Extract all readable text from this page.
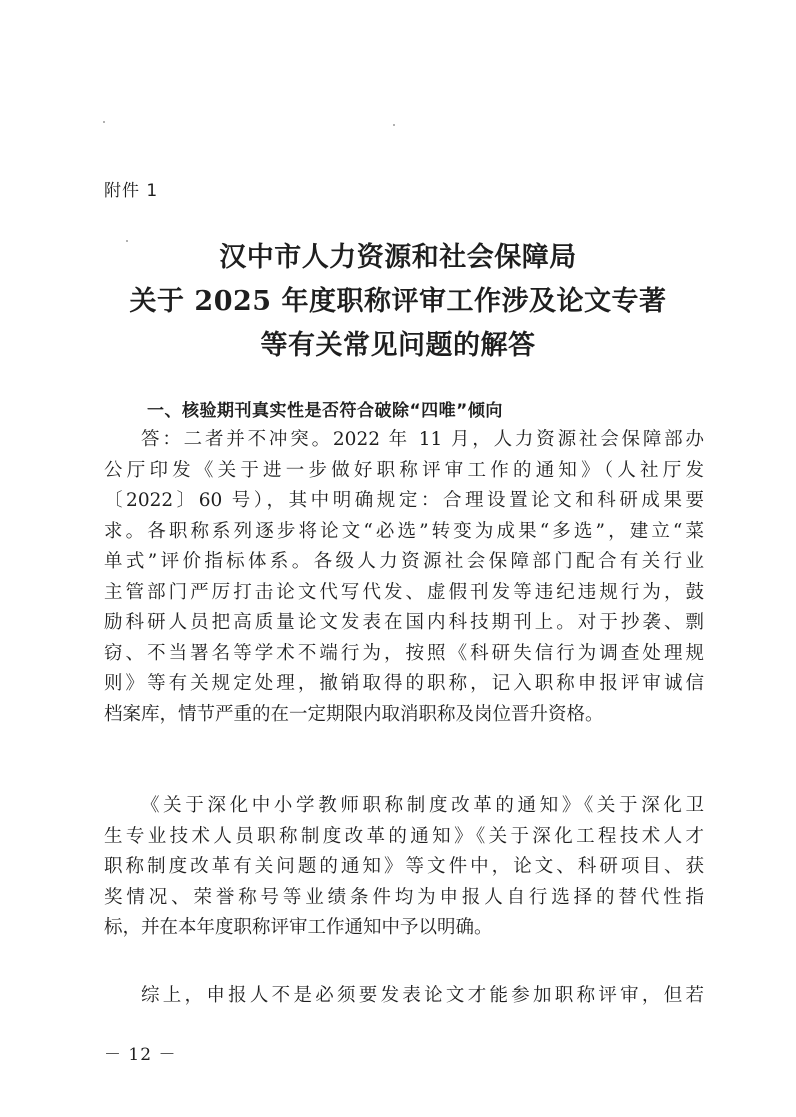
附件 1
汉中市人力资源和社会保障局
关于 2025 年度职称评审工作涉及论文专著
等有关常见问题的解答
一、核验期刊真实性是否符合破除“四唯”倾向
答：二者并不冲突。2022 年 11 月，人力资源社会保障部办
公厅印发《关于进一步做好职称评审工作的通知》（人社厅发
〔2022〕60 号），其中明确规定：合理设置论文和科研成果要
求。各职称系列逐步将论文“必选”转变为成果“多选”，建立“菜
单式”评价指标体系。各级人力资源社会保障部门配合有关行业
主管部门严厉打击论文代写代发、虚假刊发等违纪违规行为，鼓
励科研人员把高质量论文发表在国内科技期刊上。对于抄袭、剽
窃、不当署名等学术不端行为，按照《科研失信行为调查处理规
则》等有关规定处理，撤销取得的职称，记入职称申报评审诚信
档案库，情节严重的在一定期限内取消职称及岗位晋升资格。
《关于深化中小学教师职称制度改革的通知》《关于深化卫
生专业技术人员职称制度改革的通知》《关于深化工程技术人才
职称制度改革有关问题的通知》等文件中，论文、科研项目、获
奖情况、荣誉称号等业绩条件均为申报人自行选择的替代性指
标，并在本年度职称评审工作通知中予以明确。
综上，申报人不是必须要发表论文才能参加职称评审，但若
－ 12 －
